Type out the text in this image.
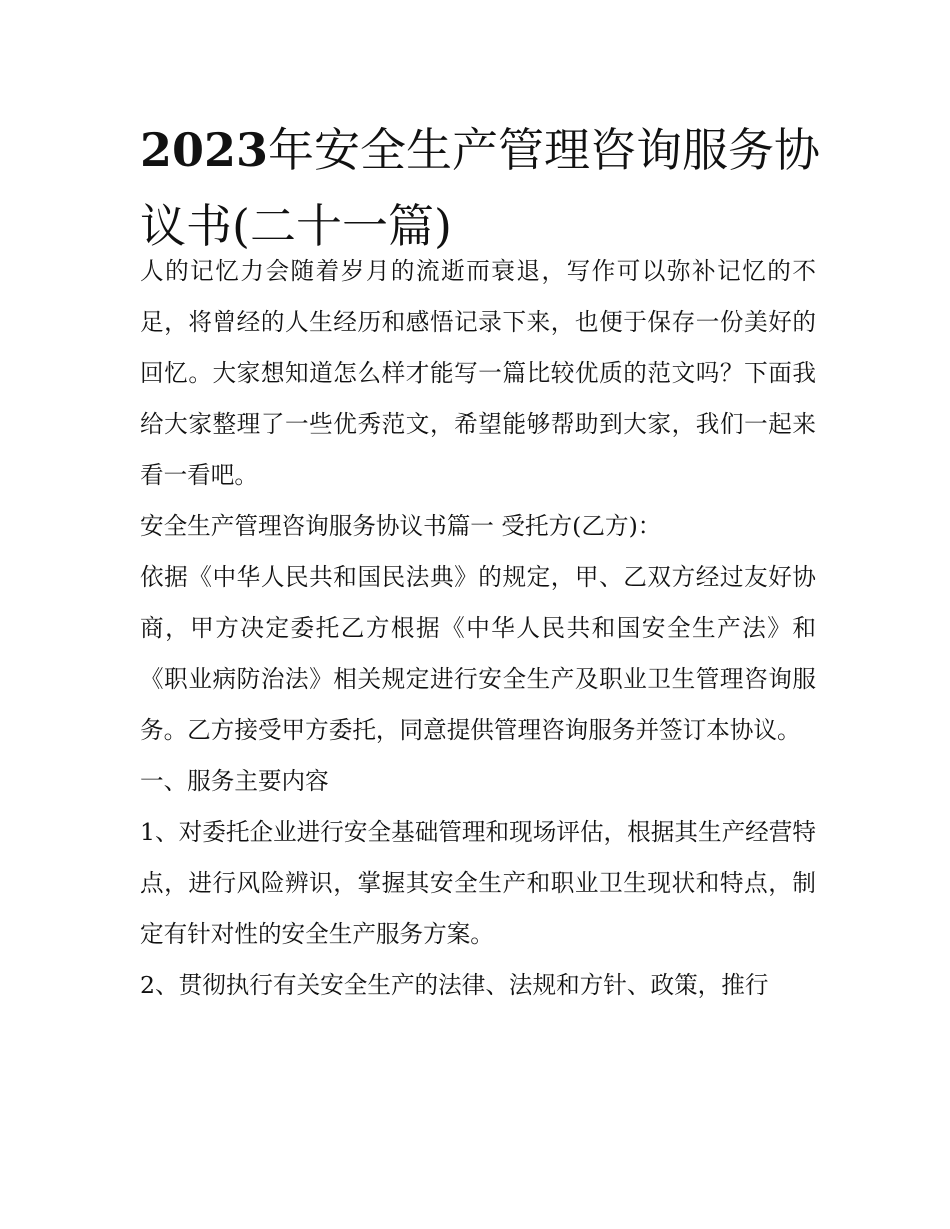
2023年安全生产管理咨询服务协议书(二十一篇)

人的记忆力会随着岁月的流逝而衰退，写作可以弥补记忆的不足，将曾经的人生经历和感悟记录下来，也便于保存一份美好的回忆。大家想知道怎么样才能写一篇比较优质的范文吗？下面我给大家整理了一些优秀范文，希望能够帮助到大家，我们一起来看一看吧。

安全生产管理咨询服务协议书篇一 受托方(乙方)：

依据《中华人民共和国民法典》的规定，甲、乙双方经过友好协商，甲方决定委托乙方根据《中华人民共和国安全生产法》和《职业病防治法》相关规定进行安全生产及职业卫生管理咨询服务。乙方接受甲方委托，同意提供管理咨询服务并签订本协议。

一、服务主要内容

1、对委托企业进行安全基础管理和现场评估，根据其生产经营特点，进行风险辨识，掌握其安全生产和职业卫生现状和特点，制定有针对性的安全生产服务方案。

2、贯彻执行有关安全生产的法律、法规和方针、政策，推行
